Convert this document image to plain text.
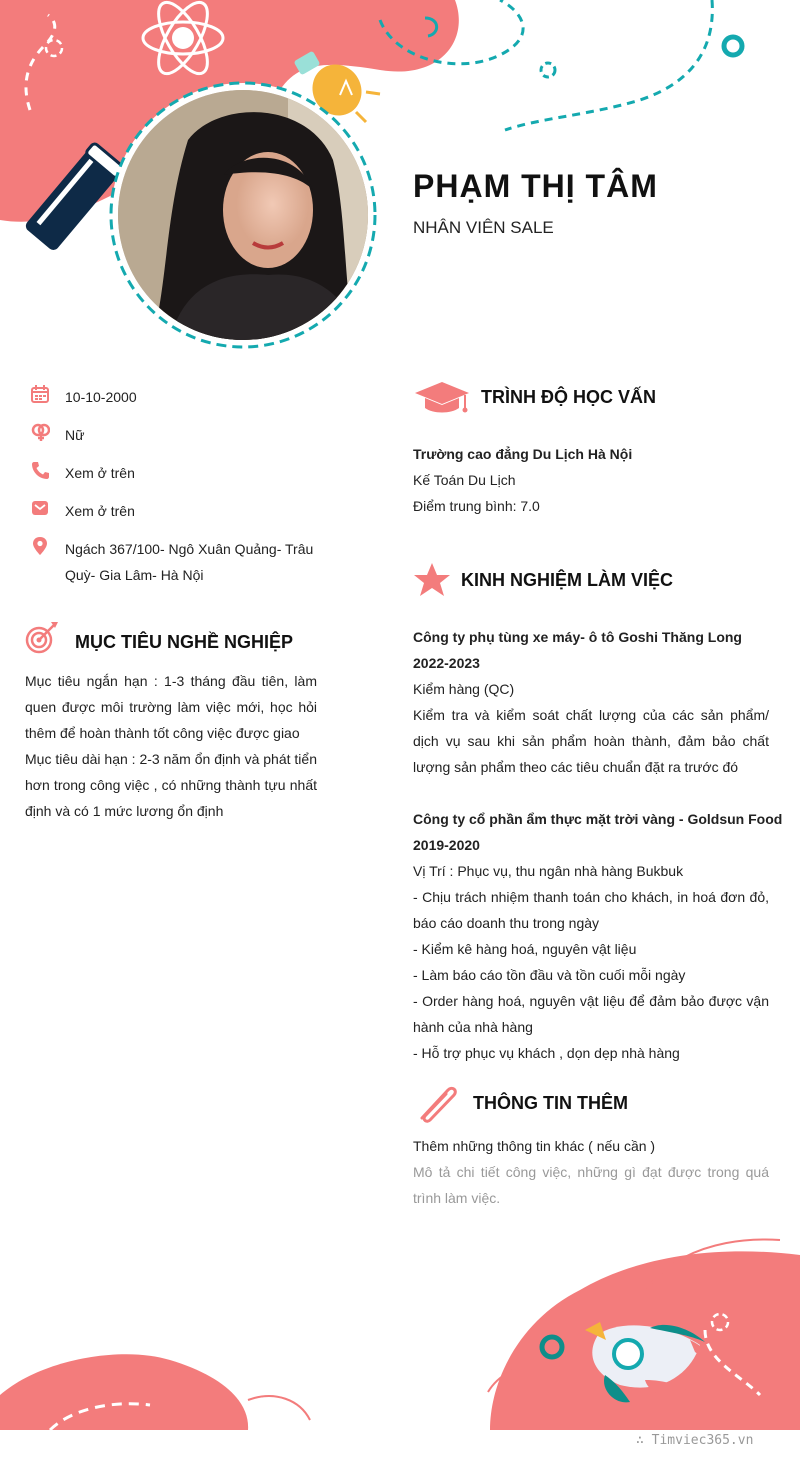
PHẠM THỊ TÂM
NHÂN VIÊN SALE
10-10-2000
Nữ
Xem ở trên
Xem ở trên
Ngách 367/100- Ngô Xuân Quảng- Trâu
Quỳ- Gia Lâm- Hà Nội
MỤC TIÊU NGHỀ NGHIỆP
Mục tiêu ngắn hạn : 1-3 tháng đầu tiên, làm
quen được môi trường làm việc mới, học hỏi
thêm để hoàn thành tốt công việc được giao
Mục tiêu dài hạn : 2-3 năm ổn định và phát tiển
hơn trong công việc , có những thành tựu nhất
định và có 1 mức lương ổn định
TRÌNH ĐỘ HỌC VẤN
Trường cao đẳng Du Lịch Hà Nội
Kế Toán Du Lịch
Điểm trung bình: 7.0
KINH NGHIỆM LÀM VIỆC
Công ty phụ tùng xe máy- ô tô Goshi Thăng Long
2022-2023
Kiểm hàng (QC)
Kiểm tra và kiểm soát chất lượng của các sản phẩm/
dịch vụ sau khi sản phẩm hoàn thành, đảm bảo chất
lượng sản phẩm theo các tiêu chuẩn đặt ra trước đó
Công ty cổ phần ẩm thực mặt trời vàng - Goldsun Food
2019-2020
Vị Trí : Phục vụ, thu ngân nhà hàng Bukbuk
- Chịu trách nhiệm thanh toán cho khách, in hoá đơn đỏ,
báo cáo doanh thu trong ngày
- Kiểm kê hàng hoá, nguyên vật liệu
- Làm báo cáo tồn đầu và tồn cuối mỗi ngày
- Order hàng hoá, nguyên vật liệu để đảm bảo được vận
hành của nhà hàng
- Hỗ trợ phục vụ khách , dọn dẹp nhà hàng
THÔNG TIN THÊM
Thêm những thông tin khác ( nếu cần )
Mô tả chi tiết công việc, những gì đạt được trong quá
trình làm việc.
∴ Timviec365.vn
